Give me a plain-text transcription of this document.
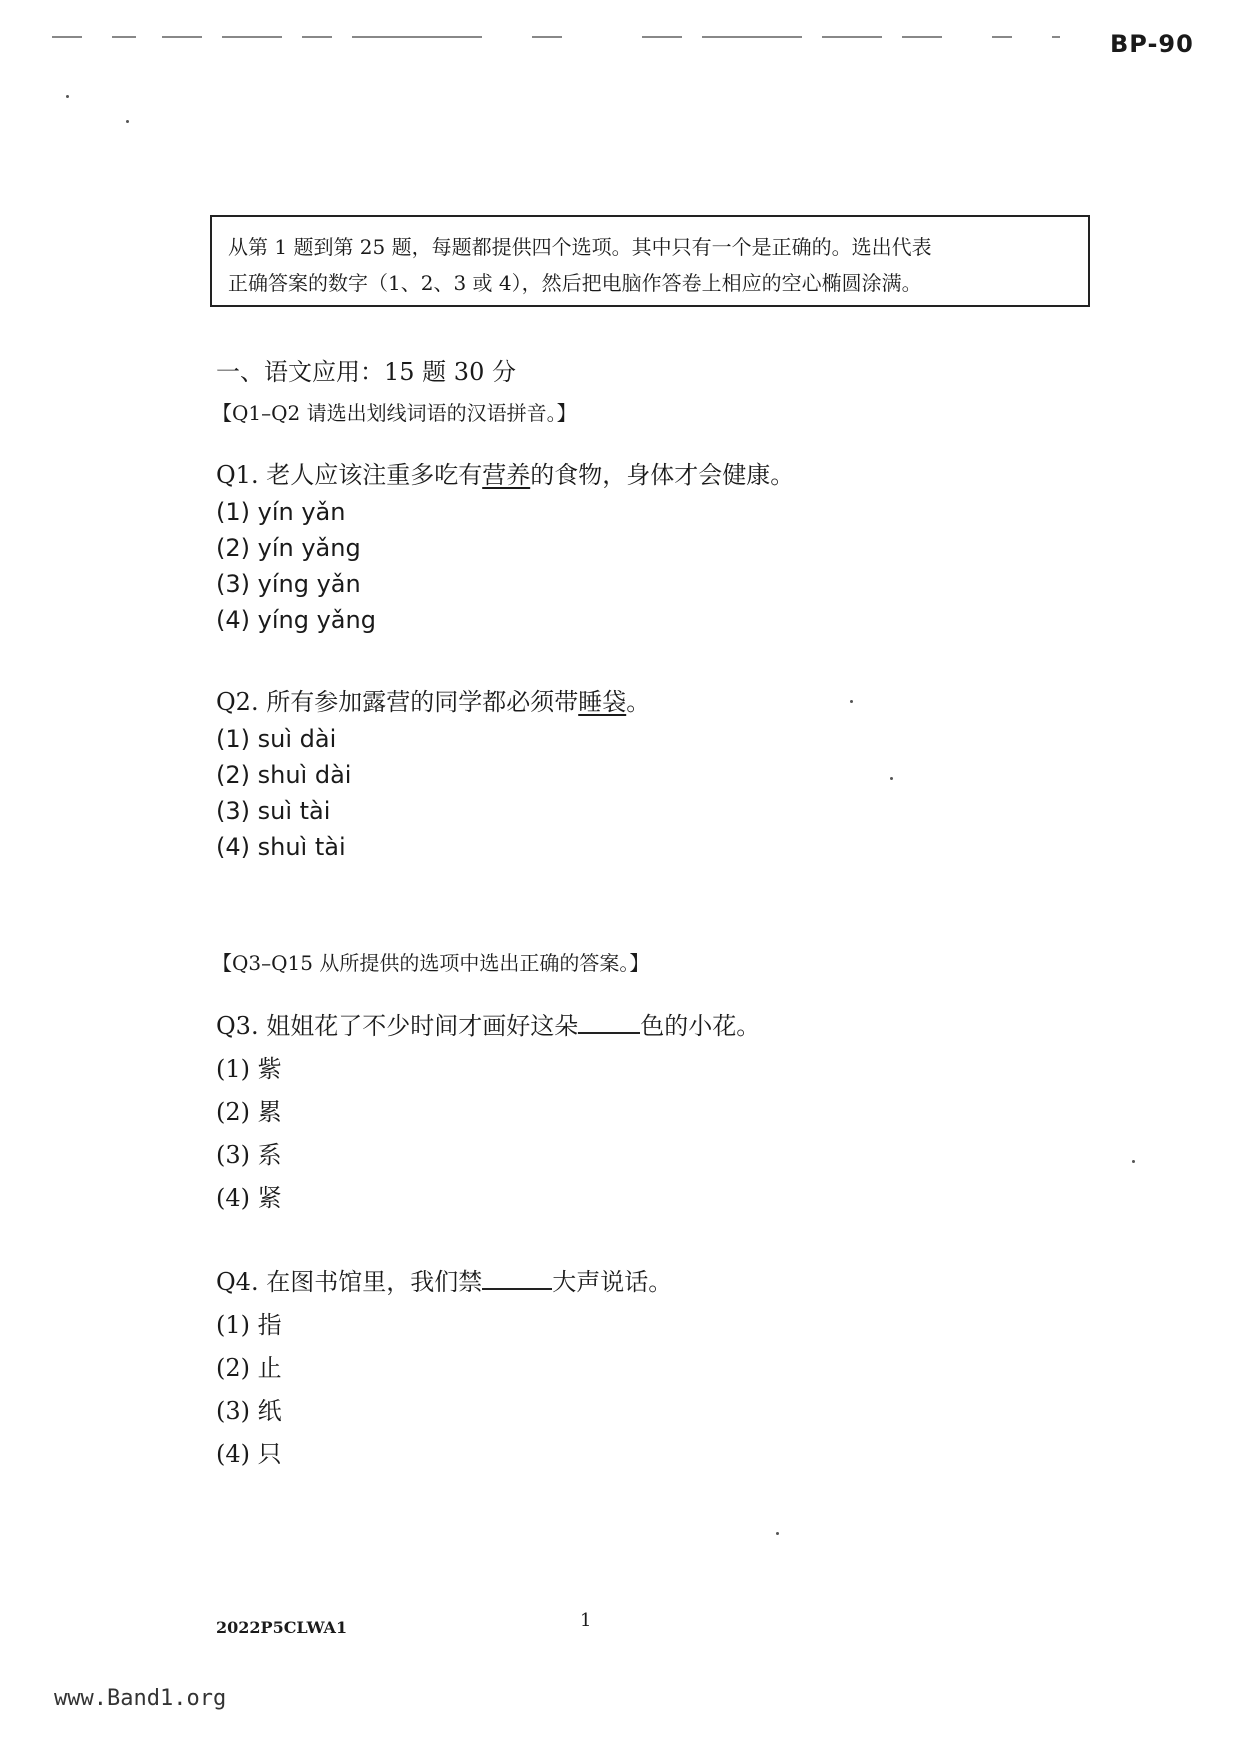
BP-90

从第 1 题到第 25 题，每题都提供四个选项。其中只有一个是正确的。选出代表

正确答案的数字（1、2、3 或 4），然后把电脑作答卷上相应的空心椭圆涂满。

一、语文应用：15 题 30 分
【Q1–Q2 请选出划线词语的汉语拼音。】
Q1. 老人应该注重多吃有营养的食物，身体才会健康。
(1) yín yǎn
(2) yín yǎng
(3) yíng yǎn
(4) yíng yǎng
Q2. 所有参加露营的同学都必须带睡袋。
(1) suì dài
(2) shuì dài
(3) suì tài
(4) shuì tài
【Q3–Q15 从所提供的选项中选出正确的答案。】
Q3. 姐姐花了不少时间才画好这朵	色的小花。
(1) 紫
(2) 累
(3) 系
(4) 紧
Q4. 在图书馆里，我们禁	大声说话。
(1) 指
(2) 止
(3) 纸
(4) 只
2022P5CLWA1	1
www.Band1.org
